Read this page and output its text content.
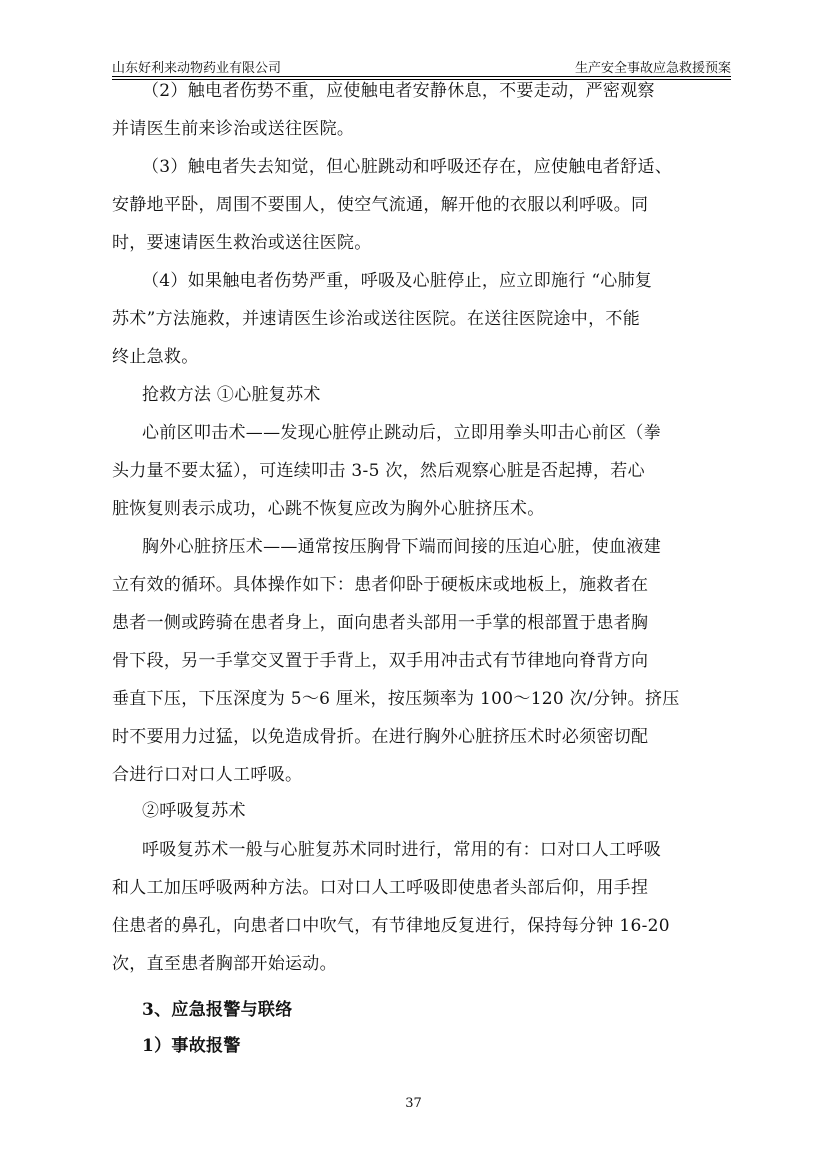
山东好利来动物药业有限公司	生产安全事故应急救援预案
（2）触电者伤势不重，应使触电者安静休息，不要走动，严密观察
并请医生前来诊治或送往医院。
（3）触电者失去知觉，但心脏跳动和呼吸还存在，应使触电者舒适、
安静地平卧，周围不要围人，使空气流通，解开他的衣服以利呼吸。同
时，要速请医生救治或送往医院。
（4）如果触电者伤势严重，呼吸及心脏停止，应立即施行 “心肺复
苏术”方法施救，并速请医生诊治或送往医院。在送往医院途中，不能
终止急救。
抢救方法 ①心脏复苏术
心前区叩击术——发现心脏停止跳动后，立即用拳头叩击心前区（拳
头力量不要太猛），可连续叩击 3-5 次，然后观察心脏是否起搏，若心
脏恢复则表示成功，心跳不恢复应改为胸外心脏挤压术。
胸外心脏挤压术——通常按压胸骨下端而间接的压迫心脏，使血液建
立有效的循环。具体操作如下：患者仰卧于硬板床或地板上，施救者在
患者一侧或跨骑在患者身上，面向患者头部用一手掌的根部置于患者胸
骨下段，另一手掌交叉置于手背上，双手用冲击式有节律地向脊背方向
垂直下压，下压深度为 5～6 厘米，按压频率为 100～120 次/分钟。挤压
时不要用力过猛，以免造成骨折。在进行胸外心脏挤压术时必须密切配
合进行口对口人工呼吸。
②呼吸复苏术
呼吸复苏术一般与心脏复苏术同时进行，常用的有：口对口人工呼吸
和人工加压呼吸两种方法。口对口人工呼吸即使患者头部后仰，用手捏
住患者的鼻孔，向患者口中吹气，有节律地反复进行，保持每分钟 16-20
次，直至患者胸部开始运动。
3、应急报警与联络
1）事故报警
37
